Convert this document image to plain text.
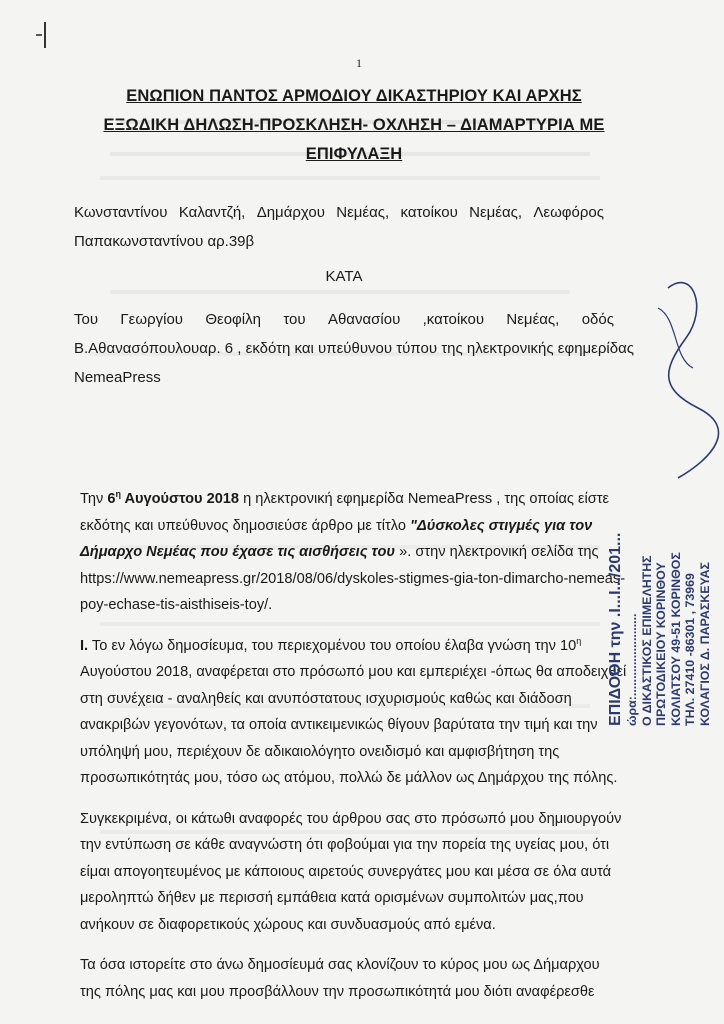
1
ΕΝΩΠΙΟΝ ΠΑΝΤΟΣ ΑΡΜΟΔΙΟΥ ΔΙΚΑΣΤΗΡΙΟΥ ΚΑΙ ΑΡΧΗΣ
ΕΞΩΔΙΚΗ ΔΗΛΩΣΗ-ΠΡΟΣΚΛΗΣΗ- ΟΧΛΗΣΗ – ΔΙΑΜΑΡΤΥΡΙΑ ΜΕ
ΕΠΙΦΥΛΑΞΗ
Κωνσταντίνου Καλαντζή, Δημάρχου Νεμέας, κατοίκου Νεμέας, Λεωφόρος
Παπακωνσταντίνου αρ.39β
ΚΑΤΑ
Του Γεωργίου Θεοφίλη του Αθανασίου ,κατοίκου Νεμέας, οδός
Β.Αθανασόπουλουαρ. 6 , εκδότη και υπεύθυνου τύπου της ηλεκτρονικής εφημερίδας
NemeaPress
Την $6^\eta$ Αυγούστου 2018 η ηλεκτρονική εφημερίδα NemeaPress , της οποίας είστε
εκδότης και υπεύθυνος δημοσιεύσε άρθρο με τίτλο "Δύσκολες στιγμές για τον
Δήμαρχο Νεμέας που έχασε τις αισθήσεις του ». στην ηλεκτρονική σελίδα της
https://www.nemeapress.gr/2018/08/06/dyskoles-stigmes-gia-ton-dimarcho-nemeas-
poy-echase-tis-aisthiseis-toy/.
Ι. Το εν λόγω δημοσίευμα, του περιεχομένου του οποίου έλαβα γνώση την $10^\eta$
Αυγούστου 2018, αναφέρεται στο πρόσωπό μου και εμπεριέχει -όπως θα αποδειχθεί
στη συνέχεια - αναληθείς και ανυπόστατους ισχυρισμούς καθώς και διάδοση
ανακριβών γεγονότων, τα οποία αντικειμενικώς θίγουν βαρύτατα την τιμή και την
υπόληψή μου, περιέχουν δε αδικαιολόγητο ονειδισμό και αμφισβήτηση της
προσωπικότητάς μου, τόσο ως ατόμου, πολλώ δε μάλλον ως Δημάρχου της πόλης.
Συγκεκριμένα, οι κάτωθι αναφορές του άρθρου σας στο πρόσωπό μου δημιουργούν
την εντύπωση σε κάθε αναγνώστη ότι φοβούμαι για την πορεία της υγείας μου, ότι
είμαι απογοητευμένος με κάποιους αιρετούς συνεργάτες μου και μέσα σε όλα αυτά
μεροληπτώ δήθεν με περισσή εμπάθεια κατά ορισμένων συμπολιτών μας,που
ανήκουν σε διαφορετικούς χώρους και συνδυασμούς από εμένα.
Τα όσα ιστορείτε στο άνω δημοσίευμά σας κλονίζουν το κύρος μου ως Δήμαρχου
της πόλης μας και μου προσβάλλουν την προσωπικότητά μου διότι αναφέρεσθε
ΕΠΙΔΟΘΗ την .Ι...Ι.../201... ώρα:........................ Ο ΔΙΚΑΣΤΙΚΟΣ ΕΠΙΜΕΛΗΤΗΣ ΠΡΩΤΟΔΙΚΕΙΟΥ ΚΟΡΙΝΘΟΥ ΚΟΛΙΑΤΣΟΥ 49-51 ΚΟΡΙΝΘΟΣ ΤΗΛ. 27410 -86301 , 73969 ΚΟΛΑΓΙΟΣ Δ. ΠΑΡΑΣΚΕΥΑΣ
